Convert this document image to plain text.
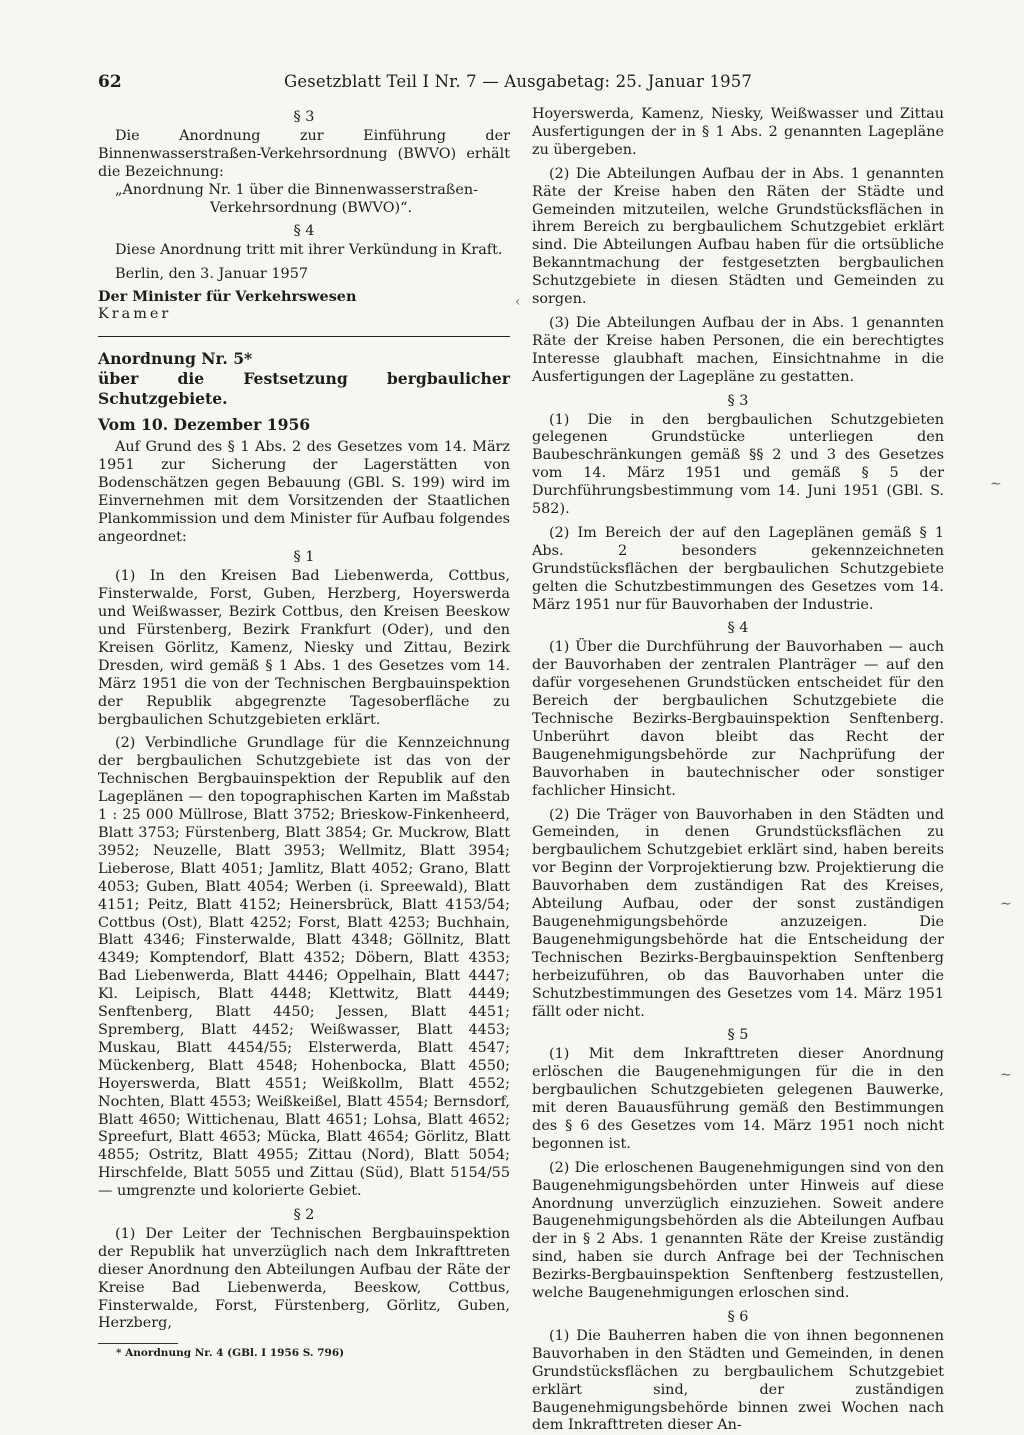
62	Gesetzblatt Teil I Nr. 7 — Ausgabetag: 25. Januar 1957

§ 3

Die Anordnung zur Einführung der Binnenwasserstraßen-Verkehrsordnung (BWVO) erhält die Bezeichnung:

„Anordnung Nr. 1 über die Binnenwasserstraßen-

Verkehrsordnung (BWVO)“.

§ 4

Diese Anordnung tritt mit ihrer Verkündung in Kraft.

Berlin, den 3. Januar 1957

Der Minister für Verkehrswesen

Kramer

Anordnung Nr. 5*

über die Festsetzung bergbaulicher Schutzgebiete.

Vom 10. Dezember 1956

Auf Grund des § 1 Abs. 2 des Gesetzes vom 14. März 1951 zur Sicherung der Lagerstätten von Bodenschätzen gegen Bebauung (GBl. S. 199) wird im Einvernehmen mit dem Vorsitzenden der Staatlichen Plankommission und dem Minister für Aufbau folgendes angeordnet:

§ 1

(1) In den Kreisen Bad Liebenwerda, Cottbus, Finsterwalde, Forst, Guben, Herzberg, Hoyerswerda und Weißwasser, Bezirk Cottbus, den Kreisen Beeskow und Fürstenberg, Bezirk Frankfurt (Oder), und den Kreisen Görlitz, Kamenz, Niesky und Zittau, Bezirk Dresden, wird gemäß § 1 Abs. 1 des Gesetzes vom 14. März 1951 die von der Technischen Bergbauinspektion der Republik abgegrenzte Tagesoberfläche zu bergbaulichen Schutzgebieten erklärt.

(2) Verbindliche Grundlage für die Kennzeichnung der bergbaulichen Schutzgebiete ist das von der Technischen Bergbauinspektion der Republik auf den Lageplänen — den topographischen Karten im Maßstab 1 : 25 000 Müllrose, Blatt 3752; Brieskow-Finkenheerd, Blatt 3753; Fürstenberg, Blatt 3854; Gr. Muckrow, Blatt 3952; Neuzelle, Blatt 3953; Wellmitz, Blatt 3954; Lieberose, Blatt 4051; Jamlitz, Blatt 4052; Grano, Blatt 4053; Guben, Blatt 4054; Werben (i. Spreewald), Blatt 4151; Peitz, Blatt 4152; Heinersbrück, Blatt 4153/54; Cottbus (Ost), Blatt 4252; Forst, Blatt 4253; Buchhain, Blatt 4346; Finsterwalde, Blatt 4348; Göllnitz, Blatt 4349; Komptendorf, Blatt 4352; Döbern, Blatt 4353; Bad Liebenwerda, Blatt 4446; Oppelhain, Blatt 4447; Kl. Leipisch, Blatt 4448; Klettwitz, Blatt 4449; Senftenberg, Blatt 4450; Jessen, Blatt 4451; Spremberg, Blatt 4452; Weißwasser, Blatt 4453; Muskau, Blatt 4454/55; Elsterwerda, Blatt 4547; Mückenberg, Blatt 4548; Hohenbocka, Blatt 4550; Hoyerswerda, Blatt 4551; Weißkollm, Blatt 4552; Nochten, Blatt 4553; Weißkeißel, Blatt 4554; Bernsdorf, Blatt 4650; Wittichenau, Blatt 4651; Lohsa, Blatt 4652; Spreefurt, Blatt 4653; Mücka, Blatt 4654; Görlitz, Blatt 4855; Ostritz, Blatt 4955; Zittau (Nord), Blatt 5054; Hirschfelde, Blatt 5055 und Zittau (Süd), Blatt 5154/55 — umgrenzte und kolorierte Gebiet.

§ 2

(1) Der Leiter der Technischen Bergbauinspektion der Republik hat unverzüglich nach dem Inkrafttreten dieser Anordnung den Abteilungen Aufbau der Räte der Kreise Bad Liebenwerda, Beeskow, Cottbus, Finsterwalde, Forst, Fürstenberg, Görlitz, Guben, Herzberg,

* Anordnung Nr. 4 (GBl. I 1956 S. 796)

Hoyerswerda, Kamenz, Niesky, Weißwasser und Zittau Ausfertigungen der in § 1 Abs. 2 genannten Lagepläne zu übergeben.

(2) Die Abteilungen Aufbau der in Abs. 1 genannten Räte der Kreise haben den Räten der Städte und Gemeinden mitzuteilen, welche Grundstücksflächen in ihrem Bereich zu bergbaulichem Schutzgebiet erklärt sind. Die Abteilungen Aufbau haben für die ortsübliche Bekanntmachung der festgesetzten bergbaulichen Schutzgebiete in diesen Städten und Gemeinden zu sorgen.

(3) Die Abteilungen Aufbau der in Abs. 1 genannten Räte der Kreise haben Personen, die ein berechtigtes Interesse glaubhaft machen, Einsichtnahme in die Ausfertigungen der Lagepläne zu gestatten.

§ 3

(1) Die in den bergbaulichen Schutzgebieten gelegenen Grundstücke unterliegen den Baubeschränkungen gemäß §§ 2 und 3 des Gesetzes vom 14. März 1951 und gemäß § 5 der Durchführungsbestimmung vom 14. Juni 1951 (GBl. S. 582).

(2) Im Bereich der auf den Lageplänen gemäß § 1 Abs. 2 besonders gekennzeichneten Grundstücksflächen der bergbaulichen Schutzgebiete gelten die Schutzbestimmungen des Gesetzes vom 14. März 1951 nur für Bauvorhaben der Industrie.

§ 4

(1) Über die Durchführung der Bauvorhaben — auch der Bauvorhaben der zentralen Planträger — auf den dafür vorgesehenen Grundstücken entscheidet für den Bereich der bergbaulichen Schutzgebiete die Technische Bezirks-Bergbauinspektion Senftenberg. Unberührt davon bleibt das Recht der Baugenehmigungsbehörde zur Nachprüfung der Bauvorhaben in bautechnischer oder sonstiger fachlicher Hinsicht.

(2) Die Träger von Bauvorhaben in den Städten und Gemeinden, in denen Grundstücksflächen zu bergbaulichem Schutzgebiet erklärt sind, haben bereits vor Beginn der Vorprojektierung bzw. Projektierung die Bauvorhaben dem zuständigen Rat des Kreises, Abteilung Aufbau, oder der sonst zuständigen Baugenehmigungsbehörde anzuzeigen. Die Baugenehmigungsbehörde hat die Entscheidung der Technischen Bezirks-Bergbauinspektion Senftenberg herbeizuführen, ob das Bauvorhaben unter die Schutzbestimmungen des Gesetzes vom 14. März 1951 fällt oder nicht.

§ 5

(1) Mit dem Inkrafttreten dieser Anordnung erlöschen die Baugenehmigungen für die in den bergbaulichen Schutzgebieten gelegenen Bauwerke, mit deren Bauausführung gemäß den Bestimmungen des § 6 des Gesetzes vom 14. März 1951 noch nicht begonnen ist.

(2) Die erloschenen Baugenehmigungen sind von den Baugenehmigungsbehörden unter Hinweis auf diese Anordnung unverzüglich einzuziehen. Soweit andere Baugenehmigungsbehörden als die Abteilungen Aufbau der in § 2 Abs. 1 genannten Räte der Kreise zuständig sind, haben sie durch Anfrage bei der Technischen Bezirks-Bergbauinspektion Senftenberg festzustellen, welche Baugenehmigungen erloschen sind.

§ 6

(1) Die Bauherren haben die von ihnen begonnenen Bauvorhaben in den Städten und Gemeinden, in denen Grundstücksflächen zu bergbaulichem Schutzgebiet erklärt sind, der zuständigen Baugenehmigungsbehörde binnen zwei Wochen nach dem Inkrafttreten dieser An-

∼
∼
∼
‹
